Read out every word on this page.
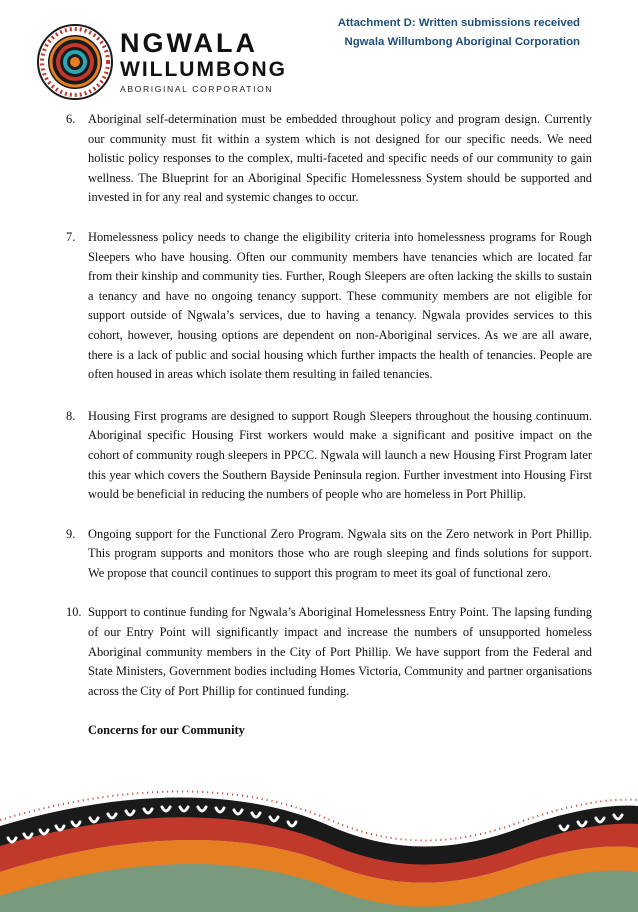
NGWALA
WILLUMBONG
ABORIGINAL CORPORATION
Attachment D: Written submissions received
Ngwala Willumbong Aboriginal Corporation
6.	Aboriginal self-determination must be embedded throughout policy and program design. Currently our community must fit within a system which is not designed for our specific needs. We need holistic policy responses to the complex, multi-faceted and specific needs of our community to gain wellness. The Blueprint for an Aboriginal Specific Homelessness System should be supported and invested in for any real and systemic changes to occur.
7.	Homelessness policy needs to change the eligibility criteria into homelessness programs for Rough Sleepers who have housing. Often our community members have tenancies which are located far from their kinship and community ties. Further, Rough Sleepers are often lacking the skills to sustain a tenancy and have no ongoing tenancy support. These community members are not eligible for support outside of Ngwala’s services, due to having a tenancy. Ngwala provides services to this cohort, however, housing options are dependent on non-Aboriginal services. As we are all aware, there is a lack of public and social housing which further impacts the health of tenancies. People are often housed in areas which isolate them resulting in failed tenancies.
8.	Housing First programs are designed to support Rough Sleepers throughout the housing continuum. Aboriginal specific Housing First workers would make a significant and positive impact on the cohort of community rough sleepers in PPCC. Ngwala will launch a new Housing First Program later this year which covers the Southern Bayside Peninsula region. Further investment into Housing First would be beneficial in reducing the numbers of people who are homeless in Port Phillip.
9.	Ongoing support for the Functional Zero Program. Ngwala sits on the Zero network in Port Phillip. This program supports and monitors those who are rough sleeping and finds solutions for support. We propose that council continues to support this program to meet its goal of functional zero.
10. Support to continue funding for Ngwala’s Aboriginal Homelessness Entry Point. The lapsing funding of our Entry Point will significantly impact and increase the numbers of unsupported homeless Aboriginal community members in the City of Port Phillip. We have support from the Federal and State Ministers, Government bodies including Homes Victoria, Community and partner organisations across the City of Port Phillip for continued funding.
Concerns for our Community
